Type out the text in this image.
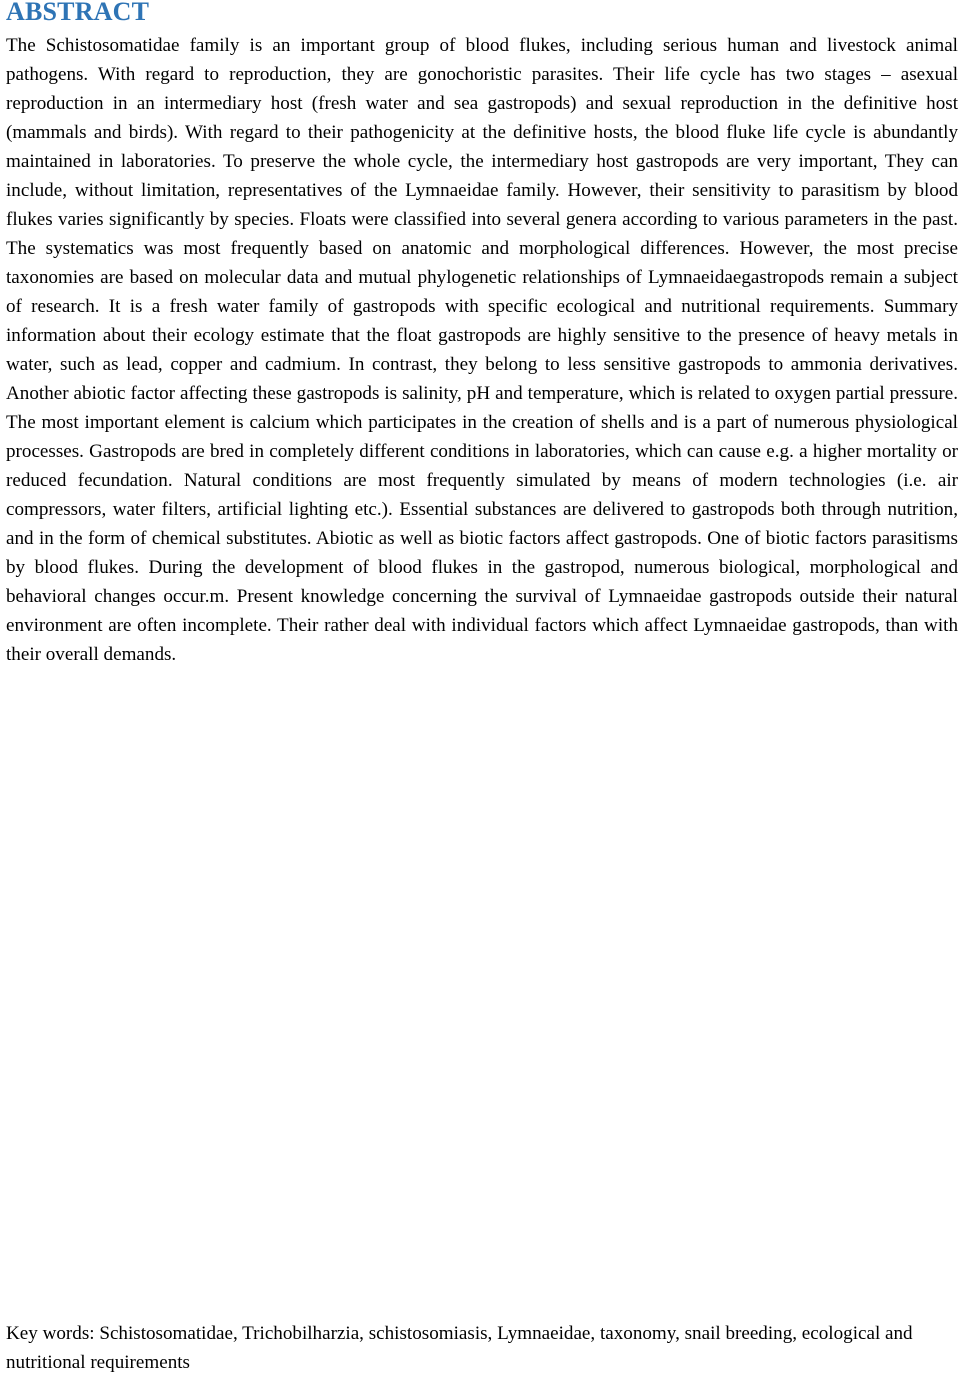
ABSTRACT

The Schistosomatidae family is an important group of blood flukes, including serious human and livestock animal pathogens. With regard to reproduction, they are gonochoristic parasites. Their life cycle has two stages – asexual reproduction in an intermediary host (fresh water and sea gastropods) and sexual reproduction in the definitive host (mammals and birds). With regard to their pathogenicity at the definitive hosts, the blood fluke life cycle is abundantly maintained in laboratories. To preserve the whole cycle, the intermediary host gastropods are very important, They can include, without limitation, representatives of the Lymnaeidae family. However, their sensitivity to parasitism by blood flukes varies significantly by species. Floats were classified into several genera according to various parameters in the past. The systematics was most frequently based on anatomic and morphological differences. However, the most precise taxonomies are based on molecular data and mutual phylogenetic relationships of Lymnaeidaegastropods remain a subject of research. It is a fresh water family of gastropods with specific ecological and nutritional requirements. Summary information about their ecology estimate that the float gastropods are highly sensitive to the presence of heavy metals in water, such as lead, copper and cadmium. In contrast, they belong to less sensitive gastropods to ammonia derivatives. Another abiotic factor affecting these gastropods is salinity, pH and temperature, which is related to oxygen partial pressure. The most important element is calcium which participates in the creation of shells and is a part of numerous physiological processes. Gastropods are bred in completely different conditions in laboratories, which can cause e.g. a higher mortality or reduced fecundation. Natural conditions are most frequently simulated by means of modern technologies (i.e. air compressors, water filters, artificial lighting etc.). Essential substances are delivered to gastropods both through nutrition, and in the form of chemical substitutes. Abiotic as well as biotic factors affect gastropods. One of biotic factors parasitisms by blood flukes. During the development of blood flukes in the gastropod, numerous biological, morphological and behavioral changes occur.m. Present knowledge concerning the survival of Lymnaeidae gastropods outside their natural environment are often incomplete. Their rather deal with individual factors which affect Lymnaeidae gastropods, than with their overall demands.

Key words: Schistosomatidae, Trichobilharzia, schistosomiasis, Lymnaeidae, taxonomy, snail breeding, ecological and nutritional requirements
